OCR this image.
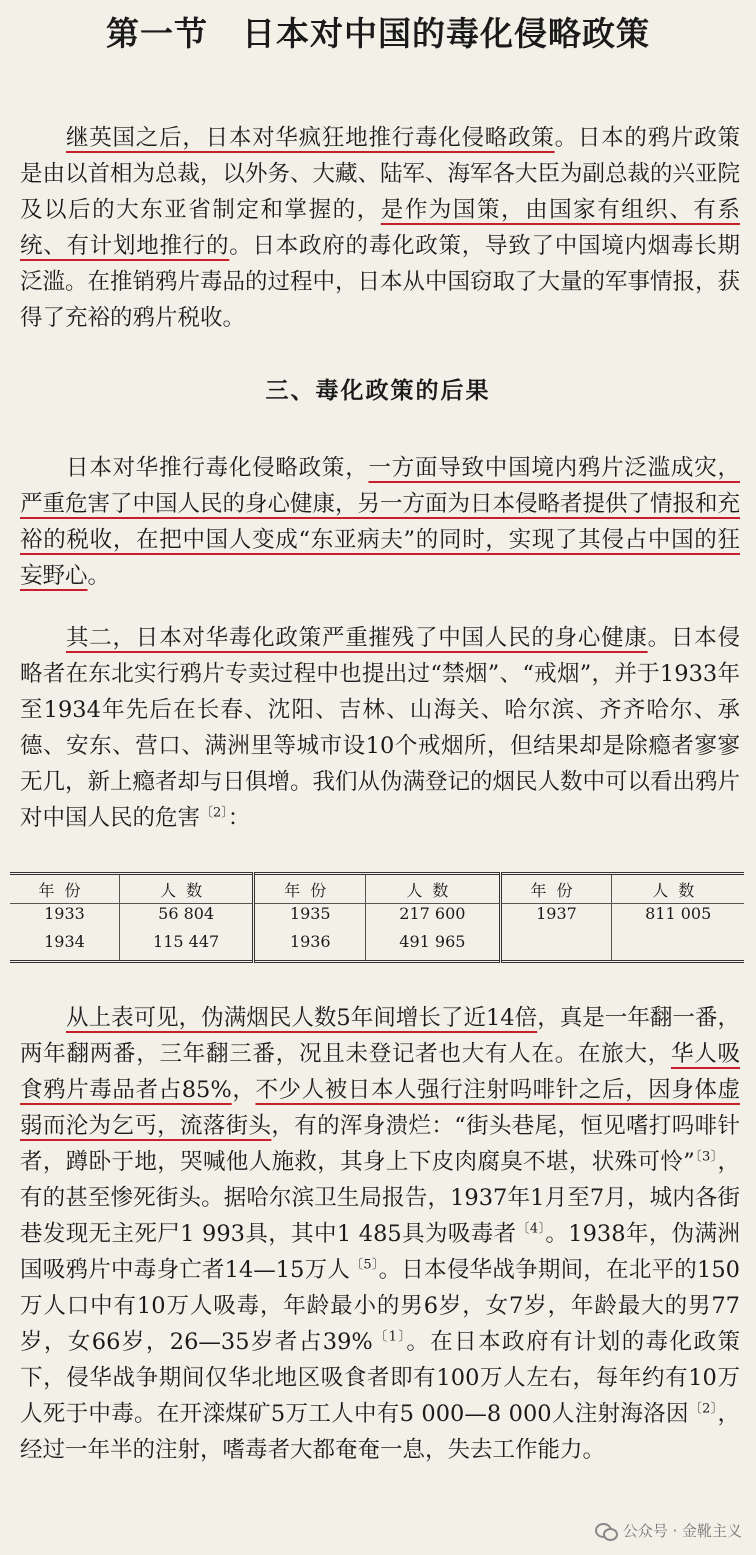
第一节　日本对中国的毒化侵略政策

继英国之后，日本对华疯狂地推行毒化侵略政策。日本的鸦片政策是由以首相为总裁，以外务、大藏、陆军、海军各大臣为副总裁的兴亚院及以后的大东亚省制定和掌握的，是作为国策，由国家有组织、有系统、有计划地推行的。日本政府的毒化政策，导致了中国境内烟毒长期泛滥。在推销鸦片毒品的过程中，日本从中国窃取了大量的军事情报，获得了充裕的鸦片税收。

三、毒化政策的后果

日本对华推行毒化侵略政策，一方面导致中国境内鸦片泛滥成灾，严重危害了中国人民的身心健康，另一方面为日本侵略者提供了情报和充裕的税收，在把中国人变成“东亚病夫”的同时，实现了其侵占中国的狂妄野心。

其二，日本对华毒化政策严重摧残了中国人民的身心健康。日本侵略者在东北实行鸦片专卖过程中也提出过“禁烟”、“戒烟”，并于1933年至1934年先后在长春、沈阳、吉林、山海关、哈尔滨、齐齐哈尔、承德、安东、营口、满洲里等城市设10个戒烟所，但结果却是除瘾者寥寥无几，新上瘾者却与日俱增。我们从伪满登记的烟民人数中可以看出鸦片对中国人民的危害$^{〔2〕}$：

年份	人数	年份	人数	年份	人数
1933	56 804	1935	217 600	1937	811 005
1934	115 447	1936	491 965		

从上表可见，伪满烟民人数5年间增长了近14倍，真是一年翻一番，两年翻两番，三年翻三番，况且未登记者也大有人在。在旅大，华人吸食鸦片毒品者占85%，不少人被日本人强行注射吗啡针之后，因身体虚弱而沦为乞丐，流落街头，有的浑身溃烂：“街头巷尾，恒见嗜打吗啡针者，蹲卧于地，哭喊他人施救，其身上下皮肉腐臭不堪，状殊可怜”$^{〔3〕}$，有的甚至惨死街头。据哈尔滨卫生局报告，1937年1月至7月，城内各街巷发现无主死尸1 993具，其中1 485具为吸毒者$^{〔4〕}$。1938年，伪满洲国吸鸦片中毒身亡者14—15万人$^{〔5〕}$。日本侵华战争期间，在北平的150万人口中有10万人吸毒，年龄最小的男6岁，女7岁，年龄最大的男77岁，女66岁，26—35岁者占39%$^{〔1〕}$。在日本政府有计划的毒化政策下，侵华战争期间仅华北地区吸食者即有100万人左右，每年约有10万人死于中毒。在开滦煤矿5万工人中有5 000—8 000人注射海洛因$^{〔2〕}$，经过一年半的注射，嗜毒者大都奄奄一息，失去工作能力。

公众号 · 金靴主义
